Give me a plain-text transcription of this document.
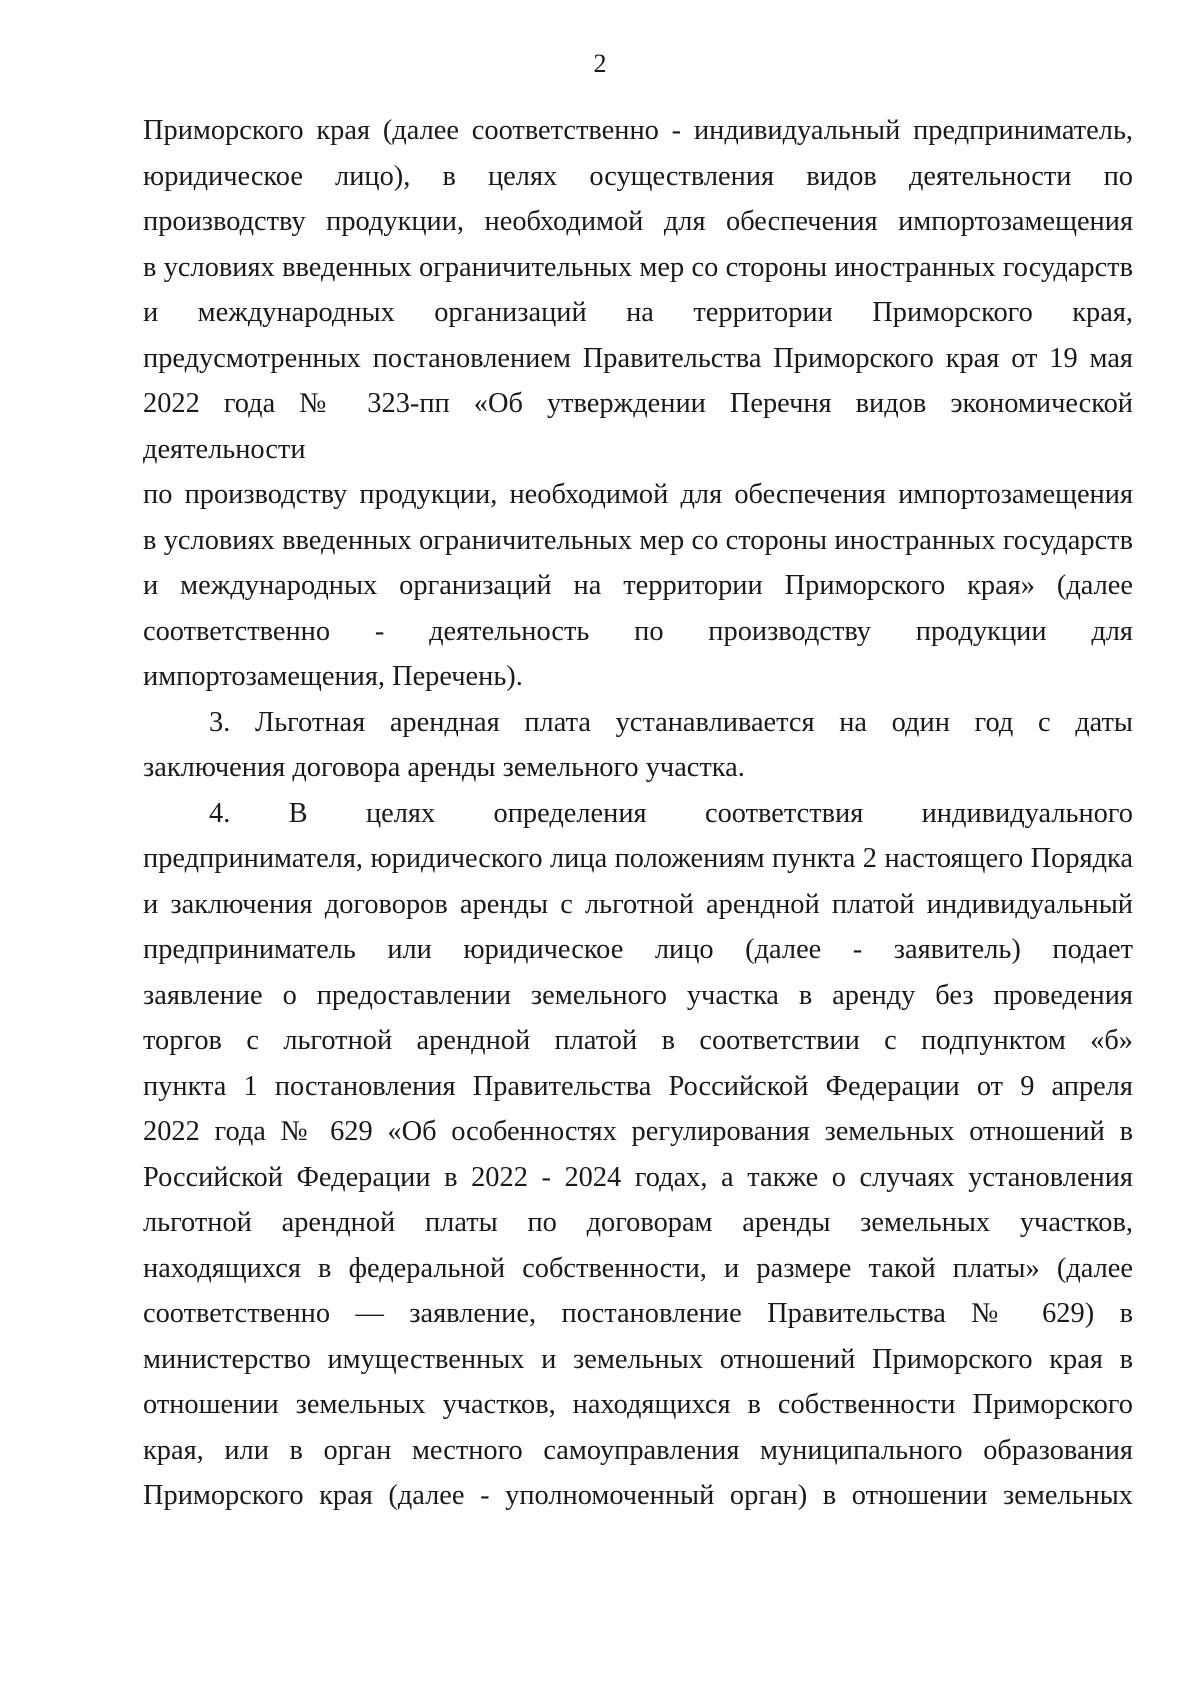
2

Приморского края (далее соответственно - индивидуальный предприниматель,
юридическое лицо), в целях осуществления видов деятельности по
производству продукции, необходимой для обеспечения импортозамещения
в условиях введенных ограничительных мер со стороны иностранных государств
и международных организаций на территории Приморского края,
предусмотренных постановлением Правительства Приморского края от 19 мая
2022 года № 323-пп «Об утверждении Перечня видов экономической деятельности
по производству продукции, необходимой для обеспечения импортозамещения
в условиях введенных ограничительных мер со стороны иностранных государств
и международных организаций на территории Приморского края» (далее
соответственно - деятельность по производству продукции для
импортозамещения, Перечень).

3. Льготная арендная плата устанавливается на один год с даты
заключения договора аренды земельного участка.

4. В целях определения соответствия индивидуального
предпринимателя, юридического лица положениям пункта 2 настоящего Порядка
и заключения договоров аренды с льготной арендной платой индивидуальный
предприниматель или юридическое лицо (далее - заявитель) подает
заявление о предоставлении земельного участка в аренду без проведения
торгов с льготной арендной платой в соответствии с подпунктом «б»
пункта 1 постановления Правительства Российской Федерации от 9 апреля
2022 года № 629 «Об особенностях регулирования земельных отношений в
Российской Федерации в 2022 - 2024 годах, а также о случаях установления
льготной арендной платы по договорам аренды земельных участков,
находящихся в федеральной собственности, и размере такой платы» (далее
соответственно — заявление, постановление Правительства № 629) в
министерство имущественных и земельных отношений Приморского края в
отношении земельных участков, находящихся в собственности Приморского
края, или в орган местного самоуправления муниципального образования
Приморского края (далее - уполномоченный орган) в отношении земельных
